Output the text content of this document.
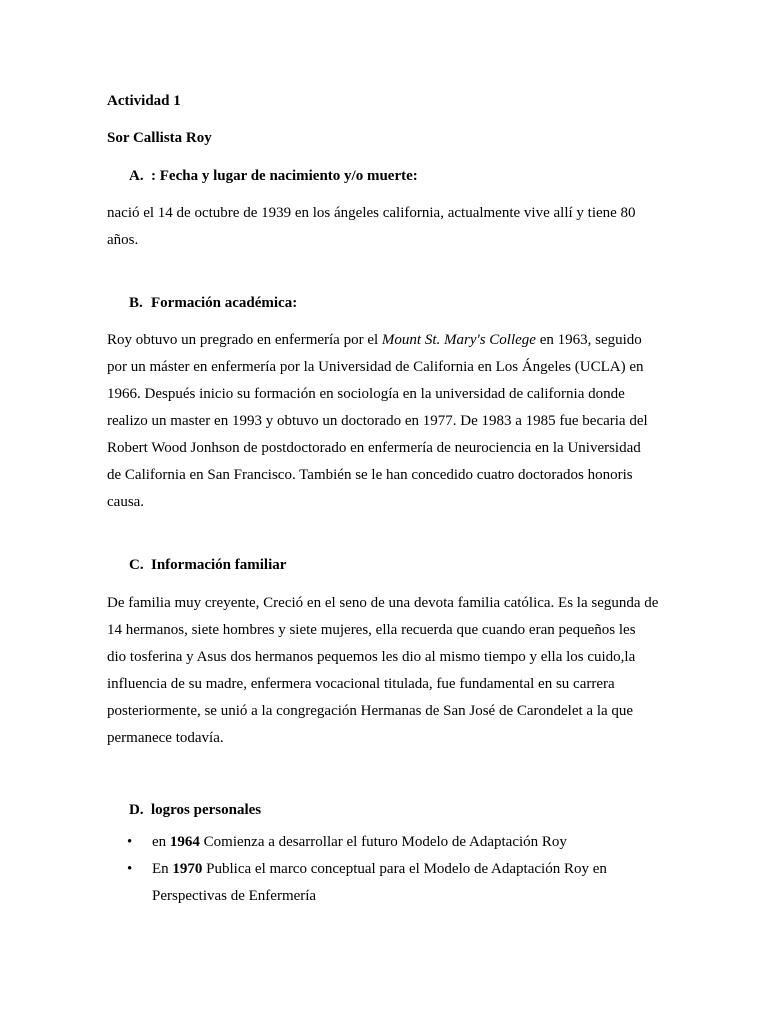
Actividad 1
Sor Callista Roy
A. : Fecha y lugar de nacimiento y/o muerte:
nació el 14 de octubre de 1939 en los ángeles california, actualmente vive allí y tiene 80
años.
B. Formación académica:
Roy obtuvo un pregrado en enfermería por el Mount St. Mary's College en 1963, seguido
por un máster en enfermería por la Universidad de California en Los Ángeles (UCLA) en
1966. Después inicio su formación en sociología en la universidad de california donde
realizo un master en 1993 y obtuvo un doctorado en 1977. De 1983 a 1985 fue becaria del
Robert Wood Jonhson de postdoctorado en enfermería de neurociencia en la Universidad
de California en San Francisco. También se le han concedido cuatro doctorados honoris
causa.
C. Información familiar
De familia muy creyente, Creció en el seno de una devota familia católica. Es la segunda de
14 hermanos, siete hombres y siete mujeres, ella recuerda que cuando eran pequeños les
dio tosferina y Asus dos hermanos pequemos les dio al mismo tiempo y ella los cuido,la
influencia de su madre, enfermera vocacional titulada, fue fundamental en su carrera
posteriormente, se unió a la congregación Hermanas de San José de Carondelet a la que
permanece todavía.
D. logros personales
• en 1964 Comienza a desarrollar el futuro Modelo de Adaptación Roy
• En 1970 Publica el marco conceptual para el Modelo de Adaptación Roy en
Perspectivas de Enfermería
